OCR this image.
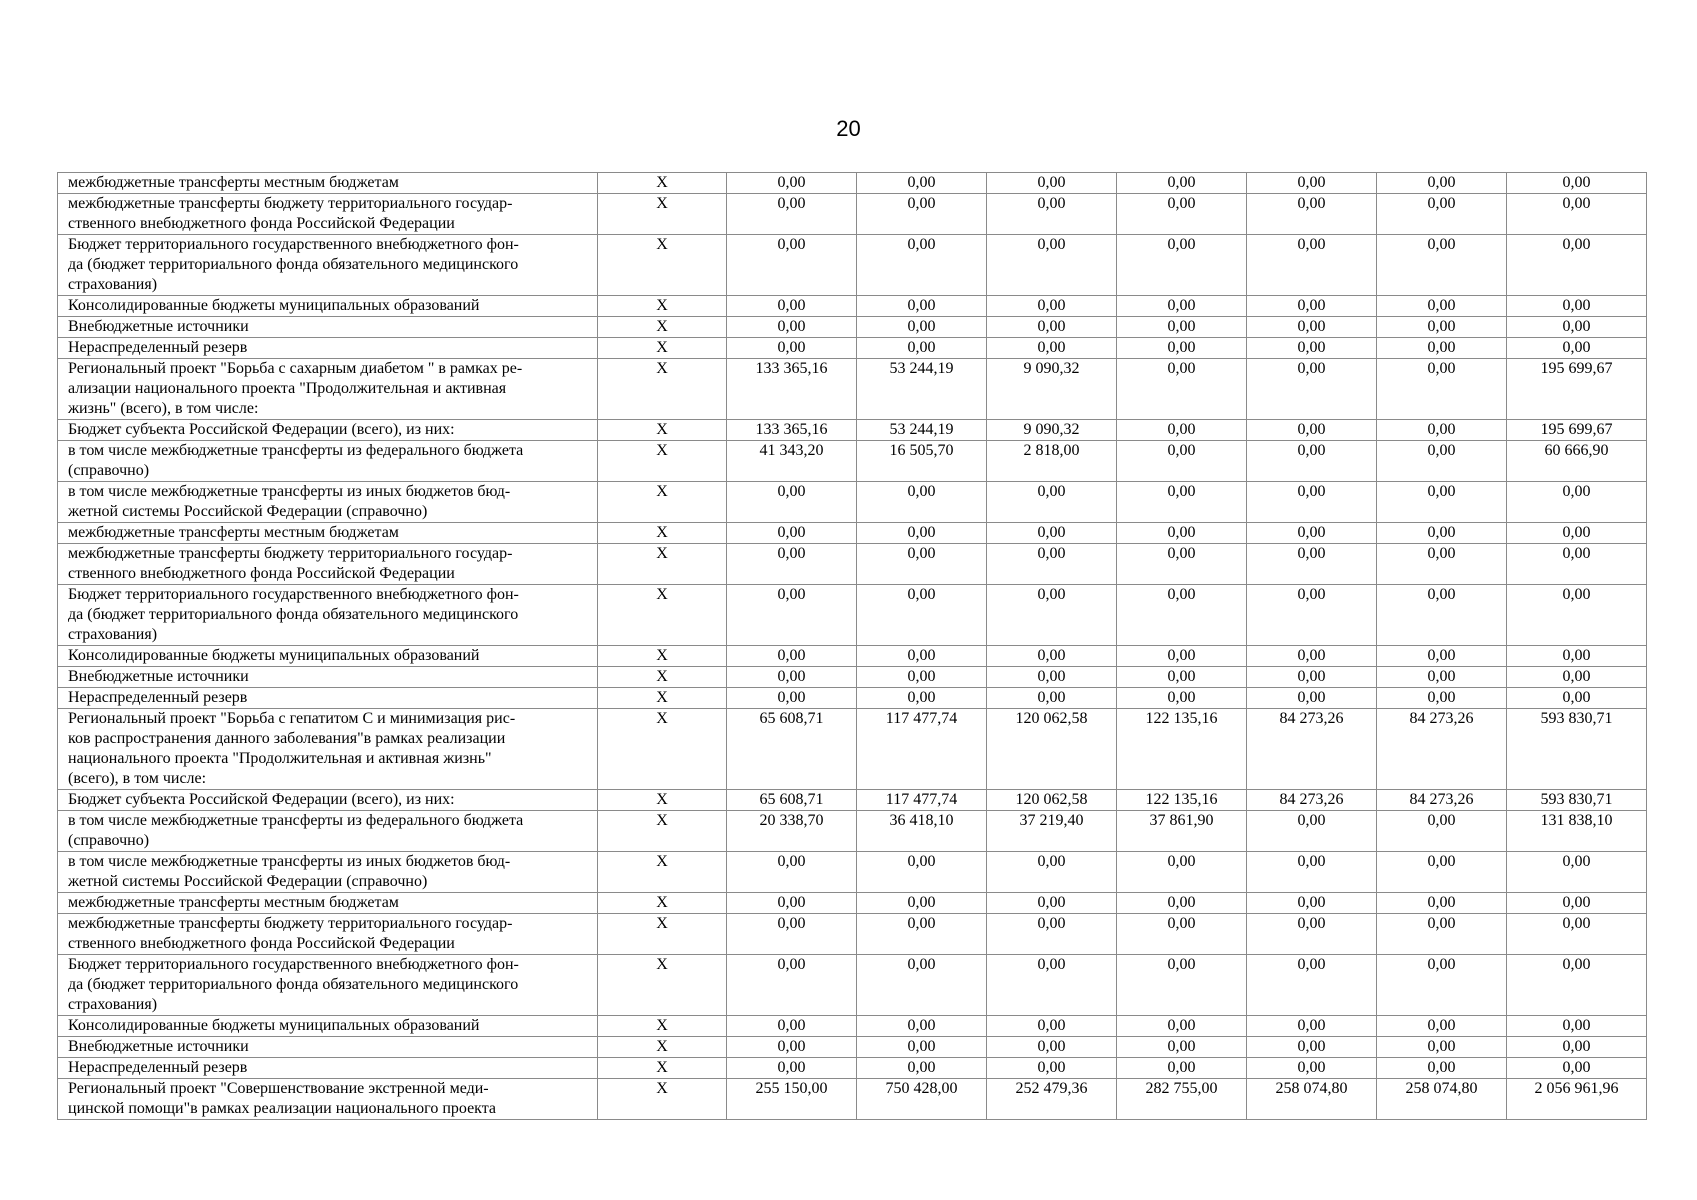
20
межбюджетные трансферты местным бюджетам	X	0,00	0,00	0,00	0,00	0,00	0,00	0,00
межбюджетные трансферты бюджету территориального государ-
ственного внебюджетного фонда Российской Федерации	X	0,00	0,00	0,00	0,00	0,00	0,00	0,00
Бюджет территориального государственного внебюджетного фон-
да (бюджет территориального фонда обязательного медицинского
страхования)	X	0,00	0,00	0,00	0,00	0,00	0,00	0,00
Консолидированные бюджеты муниципальных образований	X	0,00	0,00	0,00	0,00	0,00	0,00	0,00
Внебюджетные источники	X	0,00	0,00	0,00	0,00	0,00	0,00	0,00
Нераспределенный резерв	X	0,00	0,00	0,00	0,00	0,00	0,00	0,00
Региональный проект "Борьба с сахарным диабетом " в рамках ре-
ализации национального проекта "Продолжительная и активная
жизнь" (всего), в том числе:	X	133 365,16	53 244,19	9 090,32	0,00	0,00	0,00	195 699,67
Бюджет субъекта Российской Федерации (всего), из них:	X	133 365,16	53 244,19	9 090,32	0,00	0,00	0,00	195 699,67
в том числе межбюджетные трансферты из федерального бюджета
(справочно)	X	41 343,20	16 505,70	2 818,00	0,00	0,00	0,00	60 666,90
в том числе межбюджетные трансферты из иных бюджетов бюд-
жетной системы Российской Федерации (справочно)	X	0,00	0,00	0,00	0,00	0,00	0,00	0,00
межбюджетные трансферты местным бюджетам	X	0,00	0,00	0,00	0,00	0,00	0,00	0,00
межбюджетные трансферты бюджету территориального государ-
ственного внебюджетного фонда Российской Федерации	X	0,00	0,00	0,00	0,00	0,00	0,00	0,00
Бюджет территориального государственного внебюджетного фон-
да (бюджет территориального фонда обязательного медицинского
страхования)	X	0,00	0,00	0,00	0,00	0,00	0,00	0,00
Консолидированные бюджеты муниципальных образований	X	0,00	0,00	0,00	0,00	0,00	0,00	0,00
Внебюджетные источники	X	0,00	0,00	0,00	0,00	0,00	0,00	0,00
Нераспределенный резерв	X	0,00	0,00	0,00	0,00	0,00	0,00	0,00
Региональный проект "Борьба с гепатитом С и минимизация рис-
ков распространения данного заболевания"в рамках реализации
национального проекта "Продолжительная и активная жизнь"
(всего), в том числе:	X	65 608,71	117 477,74	120 062,58	122 135,16	84 273,26	84 273,26	593 830,71
Бюджет субъекта Российской Федерации (всего), из них:	X	65 608,71	117 477,74	120 062,58	122 135,16	84 273,26	84 273,26	593 830,71
в том числе межбюджетные трансферты из федерального бюджета
(справочно)	X	20 338,70	36 418,10	37 219,40	37 861,90	0,00	0,00	131 838,10
в том числе межбюджетные трансферты из иных бюджетов бюд-
жетной системы Российской Федерации (справочно)	X	0,00	0,00	0,00	0,00	0,00	0,00	0,00
межбюджетные трансферты местным бюджетам	X	0,00	0,00	0,00	0,00	0,00	0,00	0,00
межбюджетные трансферты бюджету территориального государ-
ственного внебюджетного фонда Российской Федерации	X	0,00	0,00	0,00	0,00	0,00	0,00	0,00
Бюджет территориального государственного внебюджетного фон-
да (бюджет территориального фонда обязательного медицинского
страхования)	X	0,00	0,00	0,00	0,00	0,00	0,00	0,00
Консолидированные бюджеты муниципальных образований	X	0,00	0,00	0,00	0,00	0,00	0,00	0,00
Внебюджетные источники	X	0,00	0,00	0,00	0,00	0,00	0,00	0,00
Нераспределенный резерв	X	0,00	0,00	0,00	0,00	0,00	0,00	0,00
Региональный проект "Совершенствование экстренной меди-
цинской помощи"в рамках реализации национального проекта	X	255 150,00	750 428,00	252 479,36	282 755,00	258 074,80	258 074,80	2 056 961,96
